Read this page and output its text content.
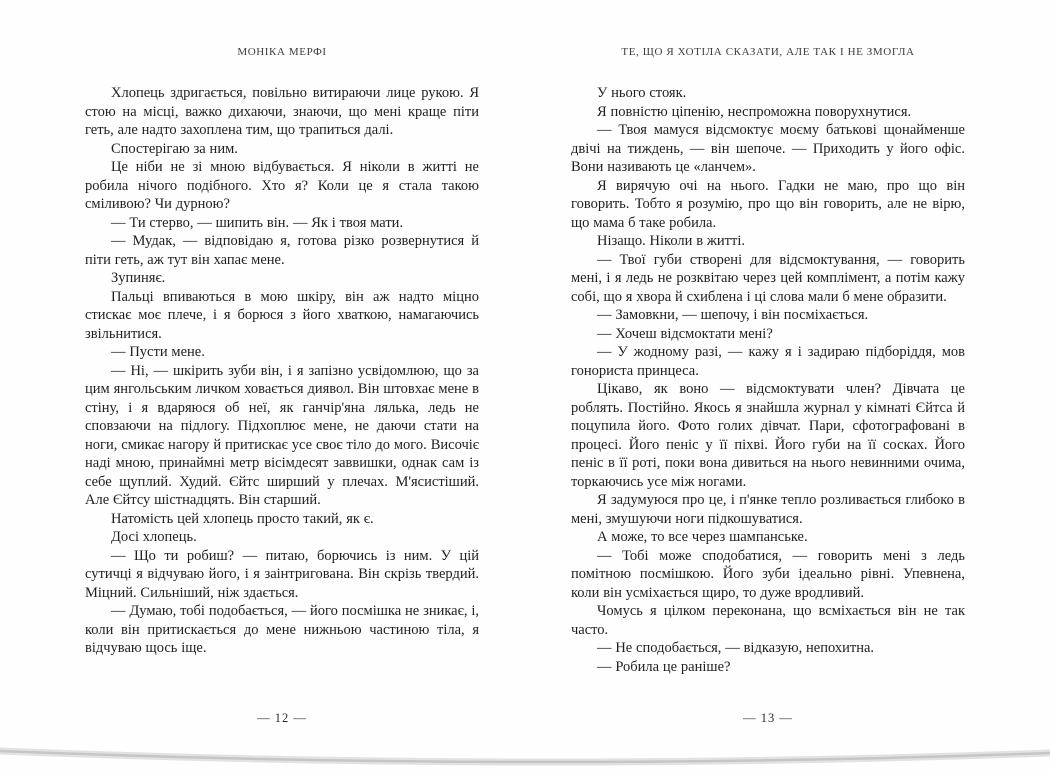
МОНІКА МЕРФІ

Хлопець здригається, повільно витираючи лице рукою. Я стою на місці, важко дихаючи, знаючи, що мені краще піти геть, але надто захоплена тим, що трапиться далі.

Спостерігаю за ним.

Це ніби не зі мною відбувається. Я ніколи в житті не робила нічого подібного. Хто я? Коли це я стала такою сміливою? Чи дурною?

— Ти стерво, — шипить він. — Як і твоя мати.

— Мудак, — відповідаю я, готова різко розвернутися й піти геть, аж тут він хапає мене.

Зупиняє.

Пальці впиваються в мою шкіру, він аж надто міцно стискає моє плече, і я борюся з його хваткою, намагаючись звільнитися.

— Пусти мене.

— Ні, — шкірить зуби він, і я запізно усвідомлюю, що за цим янгольським личком ховається диявол. Він штовхає мене в стіну, і я вдаряюся об неї, як ганчір'яна лялька, ледь не сповзаючи на підлогу. Підхоплює мене, не даючи стати на ноги, смикає нагору й притискає усе своє тіло до мого. Височіє наді мною, принаймні метр вісімдесят заввишки, однак сам із себе щуплий. Худий. Єйтс ширший у плечах. М'ясистіший. Але Єйтсу шістнадцять. Він старший.

Натомість цей хлопець просто такий, як є.

Досі хлопець.

— Що ти робиш? — питаю, борючись із ним. У цій сутичці я відчуваю його, і я заінтригована. Він скрізь твердий. Міцний. Сильніший, ніж здається.

— Думаю, тобі подобається, — його посмішка не зникає, і, коли він притискається до мене нижньою частиною тіла, я відчуваю щось іще.

— 12 —
ТЕ, ЩО Я ХОТІЛА СКАЗАТИ, АЛЕ ТАК І НЕ ЗМОГЛА

У нього стояк.

Я повністю ціпенію, неспроможна поворухнутися.

— Твоя мамуся відсмоктує моєму батькові щонайменше двічі на тиждень, — він шепоче. — Приходить у його офіс. Вони називають це «ланчем».

Я вирячую очі на нього. Гадки не маю, про що він говорить. Тобто я розумію, про що він говорить, але не вірю, що мама б таке робила.

Нізащо. Ніколи в житті.

— Твої губи створені для відсмоктування, — говорить мені, і я ледь не розквітаю через цей комплімент, а потім кажу собі, що я хвора й схиблена і ці слова мали б мене образити.

— Замовкни, — шепочу, і він посміхається.

— Хочеш відсмоктати мені?

— У жодному разі, — кажу я і задираю підборіддя, мов гонориста принцеса.

Цікаво, як воно — відсмоктувати член? Дівчата це роблять. Постійно. Якось я знайшла журнал у кімнаті Єйтса й поцупила його. Фото голих дівчат. Пари, сфотографовані в процесі. Його пеніс у її піхві. Його губи на її сосках. Його пеніс в її роті, поки вона дивиться на нього невинними очима, торкаючись усе між ногами.

Я задумуюся про це, і п'янке тепло розливається глибоко в мені, змушуючи ноги підкошуватися.

А може, то все через шампанське.

— Тобі може сподобатися, — говорить мені з ледь помітною посмішкою. Його зуби ідеально рівні. Упевнена, коли він усміхається щиро, то дуже вродливий.

Чомусь я цілком переконана, що всміхається він не так часто.

— Не сподобається, — відказую, непохитна.

— Робила це раніше?

— 13 —
